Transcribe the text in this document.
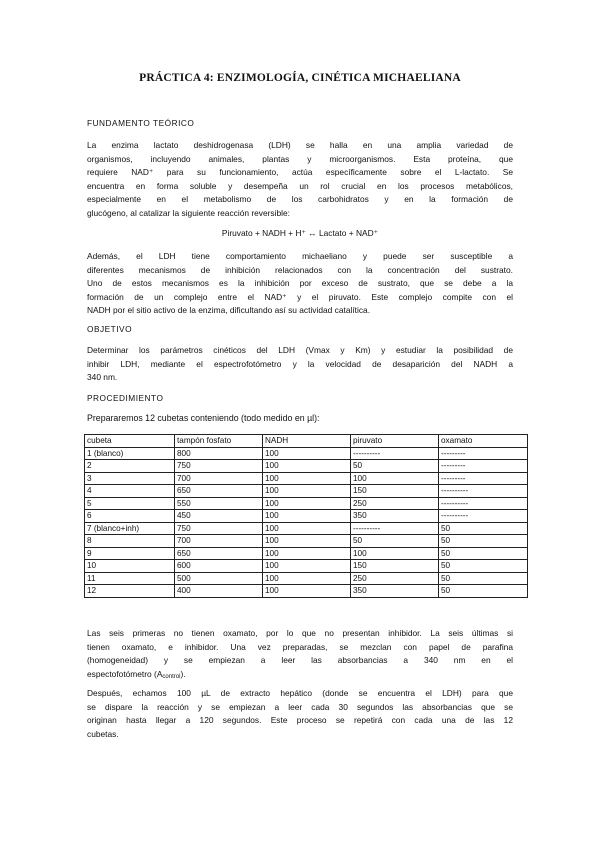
PRÁCTICA 4: ENZIMOLOGÍA, CINÉTICA MICHAELIANA
FUNDAMENTO TEÓRICO
La enzima lactato deshidrogenasa (LDH) se halla en una amplia variedad de
organismos, incluyendo animales, plantas y microorganismos. Esta proteína, que
requiere NAD⁺ para su funcionamiento, actúa específicamente sobre el L-lactato. Se
encuentra en forma soluble y desempeña un rol crucial en los procesos metabólicos,
especialmente en el metabolismo de los carbohidratos y en la formación de
glucógeno, al catalizar la siguiente reacción reversible:
Piruvato + NADH + H⁺ ↔ Lactato + NAD⁺
Además, el LDH tiene comportamiento michaeliano y puede ser susceptible a
diferentes mecanismos de inhibición relacionados con la concentración del sustrato.
Uno de estos mecanismos es la inhibición por exceso de sustrato, que se debe a la
formación de un complejo entre el NAD⁺ y el piruvato. Este complejo compite con el
NADH por el sitio activo de la enzima, dificultando así su actividad catalítica.
OBJETIVO
Determinar los parámetros cinéticos del LDH (Vmax y Km) y estudiar la posibilidad de
inhibir LDH, mediante el espectrofotómetro y la velocidad de desaparición del NADH a
340 nm.
PROCEDIMIENTO
Prepararemos 12 cubetas conteniendo (todo medido en µl):
cubeta	tampón fosfato	NADH	piruvato	oxamato
1 (blanco)	800	100	----------	---------
2	750	100	50	---------
3	700	100	100	---------
4	650	100	150	----------
5	550	100	250	----------
6	450	100	350	----------
7 (blanco+inh)	750	100	----------	50
8	700	100	50	50
9	650	100	100	50
10	600	100	150	50
11	500	100	250	50
12	400	100	350	50
Las seis primeras no tienen oxamato, por lo que no presentan inhibidor. La seis últimas si
tienen oxamato, e inhibidor. Una vez preparadas, se mezclan con papel de parafina
(homogeneidad) y se empiezan a leer las absorbancias a 340 nm en el
espectofotómetro $(A_{control})$.
Después, echamos 100 µL de extracto hepático (donde se encuentra el LDH) para que
se dispare la reacción y se empiezan a leer cada 30 segundos las absorbancias que se
originan hasta llegar a 120 segundos. Este proceso se repetirá con cada una de las 12
cubetas.
